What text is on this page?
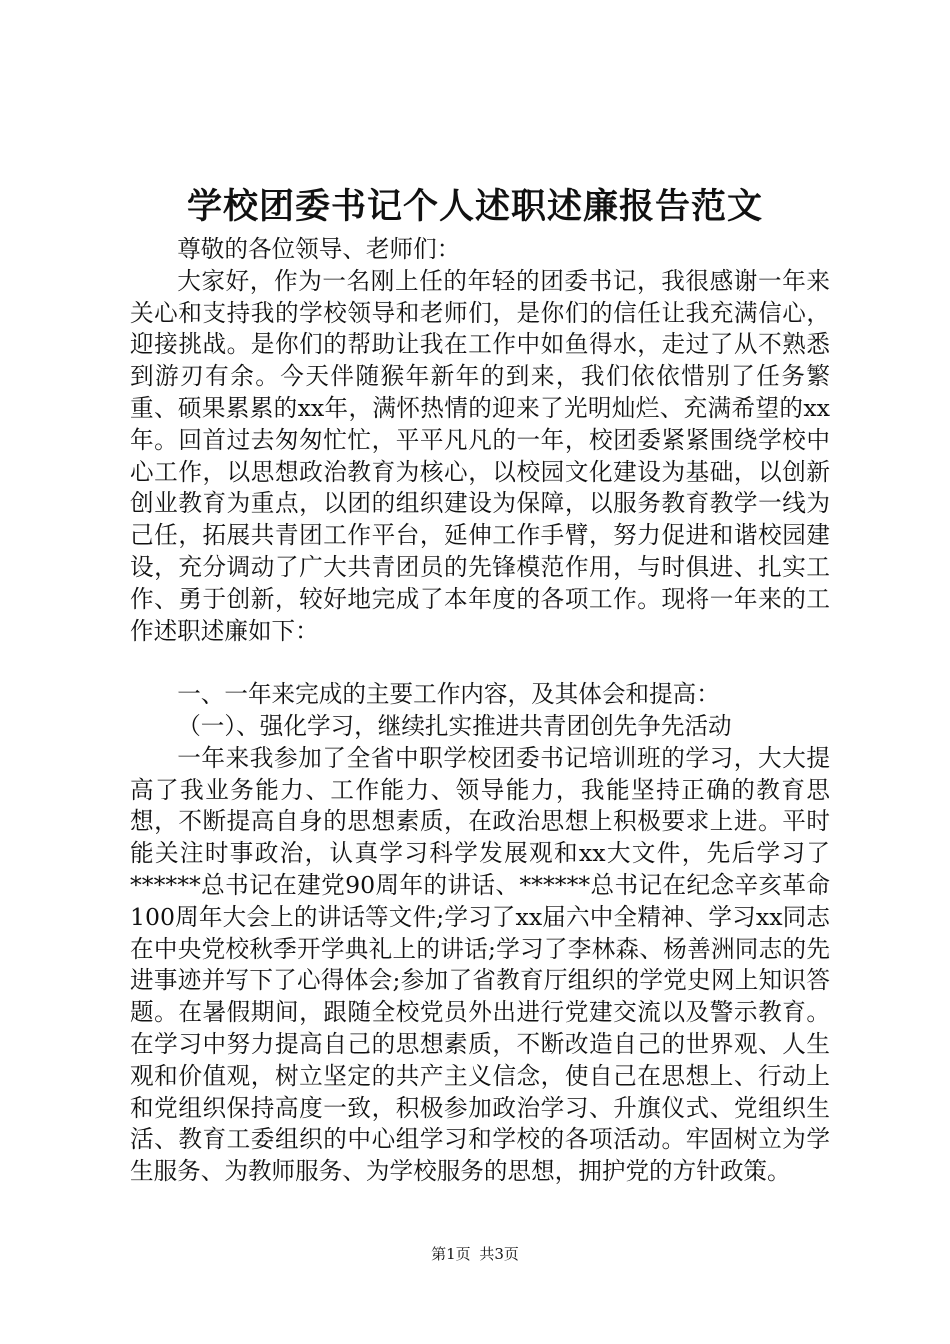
学校团委书记个人述职述廉报告范文

尊敬的各位领导、老师们：

大家好，作为一名刚上任的年轻的团委书记，我很感谢一年来关心和支持我的学校领导和老师们，是你们的信任让我充满信心，迎接挑战。是你们的帮助让我在工作中如鱼得水，走过了从不熟悉到游刃有余。今天伴随猴年新年的到来，我们依依惜别了任务繁重、硕果累累的xx年，满怀热情的迎来了光明灿烂、充满希望的xx年。回首过去匆匆忙忙，平平凡凡的一年，校团委紧紧围绕学校中心工作，以思想政治教育为核心，以校园文化建设为基础，以创新创业教育为重点，以团的组织建设为保障，以服务教育教学一线为己任，拓展共青团工作平台，延伸工作手臂，努力促进和谐校园建设，充分调动了广大共青团员的先锋模范作用，与时俱进、扎实工作、勇于创新，较好地完成了本年度的各项工作。现将一年来的工作述职述廉如下：

一、一年来完成的主要工作内容，及其体会和提高：

（一）、强化学习，继续扎实推进共青团创先争先活动

一年来我参加了全省中职学校团委书记培训班的学习，大大提高了我业务能力、工作能力、领导能力，我能坚持正确的教育思想，不断提高自身的思想素质，在政治思想上积极要求上进。平时能关注时事政治，认真学习科学发展观和xx大文件，先后学习了******总书记在建党90周年的讲话、******总书记在纪念辛亥革命100周年大会上的讲话等文件;学习了xx届六中全精神、学习xx同志在中央党校秋季开学典礼上的讲话;学习了李林森、杨善洲同志的先进事迹并写下了心得体会;参加了省教育厅组织的学党史网上知识答题。在暑假期间，跟随全校党员外出进行党建交流以及警示教育。在学习中努力提高自己的思想素质，不断改造自己的世界观、人生观和价值观，树立坚定的共产主义信念，使自己在思想上、行动上和党组织保持高度一致，积极参加政治学习、升旗仪式、党组织生活、教育工委组织的中心组学习和学校的各项活动。牢固树立为学生服务、为教师服务、为学校服务的思想，拥护党的方针政策。

第1页 共3页
